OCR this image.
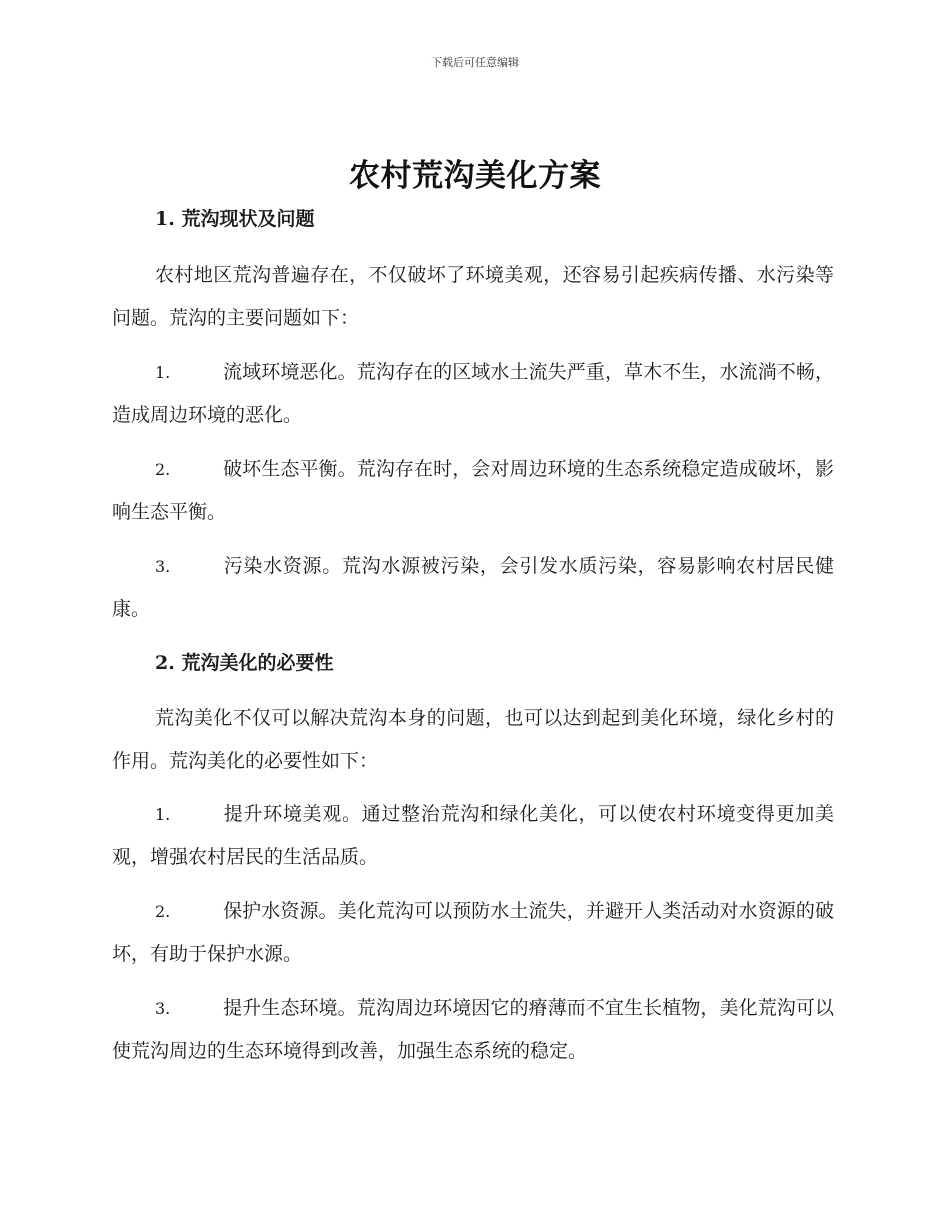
下载后可任意编辑
农村荒沟美化方案
1. 荒沟现状及问题

农村地区荒沟普遍存在，不仅破坏了环境美观，还容易引起疾病传播、水污染等问题。荒沟的主要问题如下：

1.	流域环境恶化。荒沟存在的区域水土流失严重，草木不生，水流淌不畅，造成周边环境的恶化。

2.	破坏生态平衡。荒沟存在时，会对周边环境的生态系统稳定造成破坏，影响生态平衡。

3.	污染水资源。荒沟水源被污染，会引发水质污染，容易影响农村居民健康。

2. 荒沟美化的必要性

荒沟美化不仅可以解决荒沟本身的问题，也可以达到起到美化环境，绿化乡村的作用。荒沟美化的必要性如下：

1.	提升环境美观。通过整治荒沟和绿化美化，可以使农村环境变得更加美观，增强农村居民的生活品质。

2.	保护水资源。美化荒沟可以预防水土流失，并避开人类活动对水资源的破坏，有助于保护水源。

3.	提升生态环境。荒沟周边环境因它的瘠薄而不宜生长植物，美化荒沟可以使荒沟周边的生态环境得到改善，加强生态系统的稳定。
